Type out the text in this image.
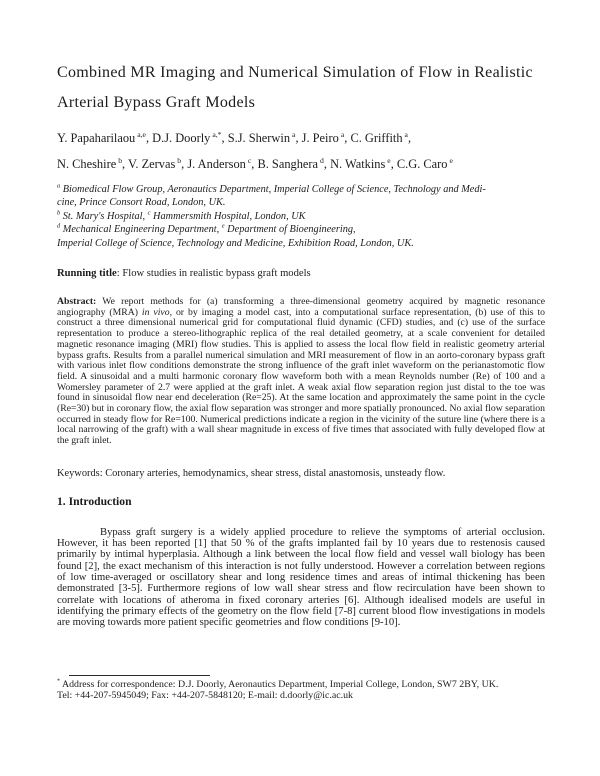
Combined MR Imaging and Numerical Simulation of Flow in Realistic
Arterial Bypass Graft Models
Y. Papaharilaou $^{a,e}$, D.J. Doorly $^{a,*}$, S.J. Sherwin $^a$, J. Peiro $^a$, C. Griffith $^a$,
N. Cheshire $^b$, V. Zervas $^b$, J. Anderson $^c$, B. Sanghera $^d$, N. Watkins $^e$, C.G. Caro $^e$
$^a$ Biomedical Flow Group, Aeronautics Department, Imperial College of Science, Technology and Medi-
cine, Prince Consort Road, London, UK.
$^b$ St. Mary's Hospital, $^c$ Hammersmith Hospital, London, UK
$^d$ Mechanical Engineering Department, $^e$ Department of Bioengineering,
Imperial College of Science, Technology and Medicine, Exhibition Road, London, UK.

Running title: Flow studies in realistic bypass graft models

Abstract: We report methods for (a) transforming a three-dimensional geometry acquired by magnetic resonance angiography (MRA) in vivo, or by imaging a model cast, into a computational surface representation, (b) use of this to construct a three dimensional numerical grid for computational fluid dynamic (CFD) studies, and (c) use of the surface representation to produce a stereo-lithographic replica of the real detailed geometry, at a scale convenient for detailed magnetic resonance imaging (MRI) flow studies. This is applied to assess the local flow field in realistic geometry arterial bypass grafts. Results from a parallel numerical simulation and MRI measurement of flow in an aorto-coronary bypass graft with various inlet flow conditions demonstrate the strong influence of the graft inlet waveform on the perianastomotic flow field. A sinusoidal and a multi harmonic coronary flow waveform both with a mean Reynolds number (Re) of 100 and a Womersley parameter of 2.7 were applied at the graft inlet. A weak axial flow separation region just distal to the toe was found in sinusoidal flow near end deceleration (Re=25). At the same location and approximately the same point in the cycle (Re=30) but in coronary flow, the axial flow separation was stronger and more spatially pronounced. No axial flow separation occurred in steady flow for Re=100. Numerical predictions indicate a region in the vicinity of the suture line (where there is a local narrowing of the graft) with a wall shear magnitude in excess of five times that associated with fully developed flow at the graft inlet.

Keywords: Coronary arteries, hemodynamics, shear stress, distal anastomosis, unsteady flow.

1. Introduction

Bypass graft surgery is a widely applied procedure to relieve the symptoms of arterial occlusion. However, it has been reported [1] that 50 % of the grafts implanted fail by 10 years due to restenosis caused primarily by intimal hyperplasia. Although a link between the local flow field and vessel wall biology has been found [2], the exact mechanism of this interaction is not fully understood. However a correlation between regions of low time-averaged or oscillatory shear and long residence times and areas of intimal thickening has been demonstrated [3-5]. Furthermore regions of low wall shear stress and flow recirculation have been shown to correlate with locations of atheroma in fixed coronary arteries [6]. Although idealised models are useful in identifying the primary effects of the geometry on the flow field [7-8] current blood flow investigations in models are moving towards more patient specific geometries and flow conditions [9-10].

* Address for correspondence: D.J. Doorly, Aeronautics Department, Imperial College, London, SW7 2BY, UK.
Tel: +44-207-5945049; Fax: +44-207-5848120; E-mail: d.doorly@ic.ac.uk
